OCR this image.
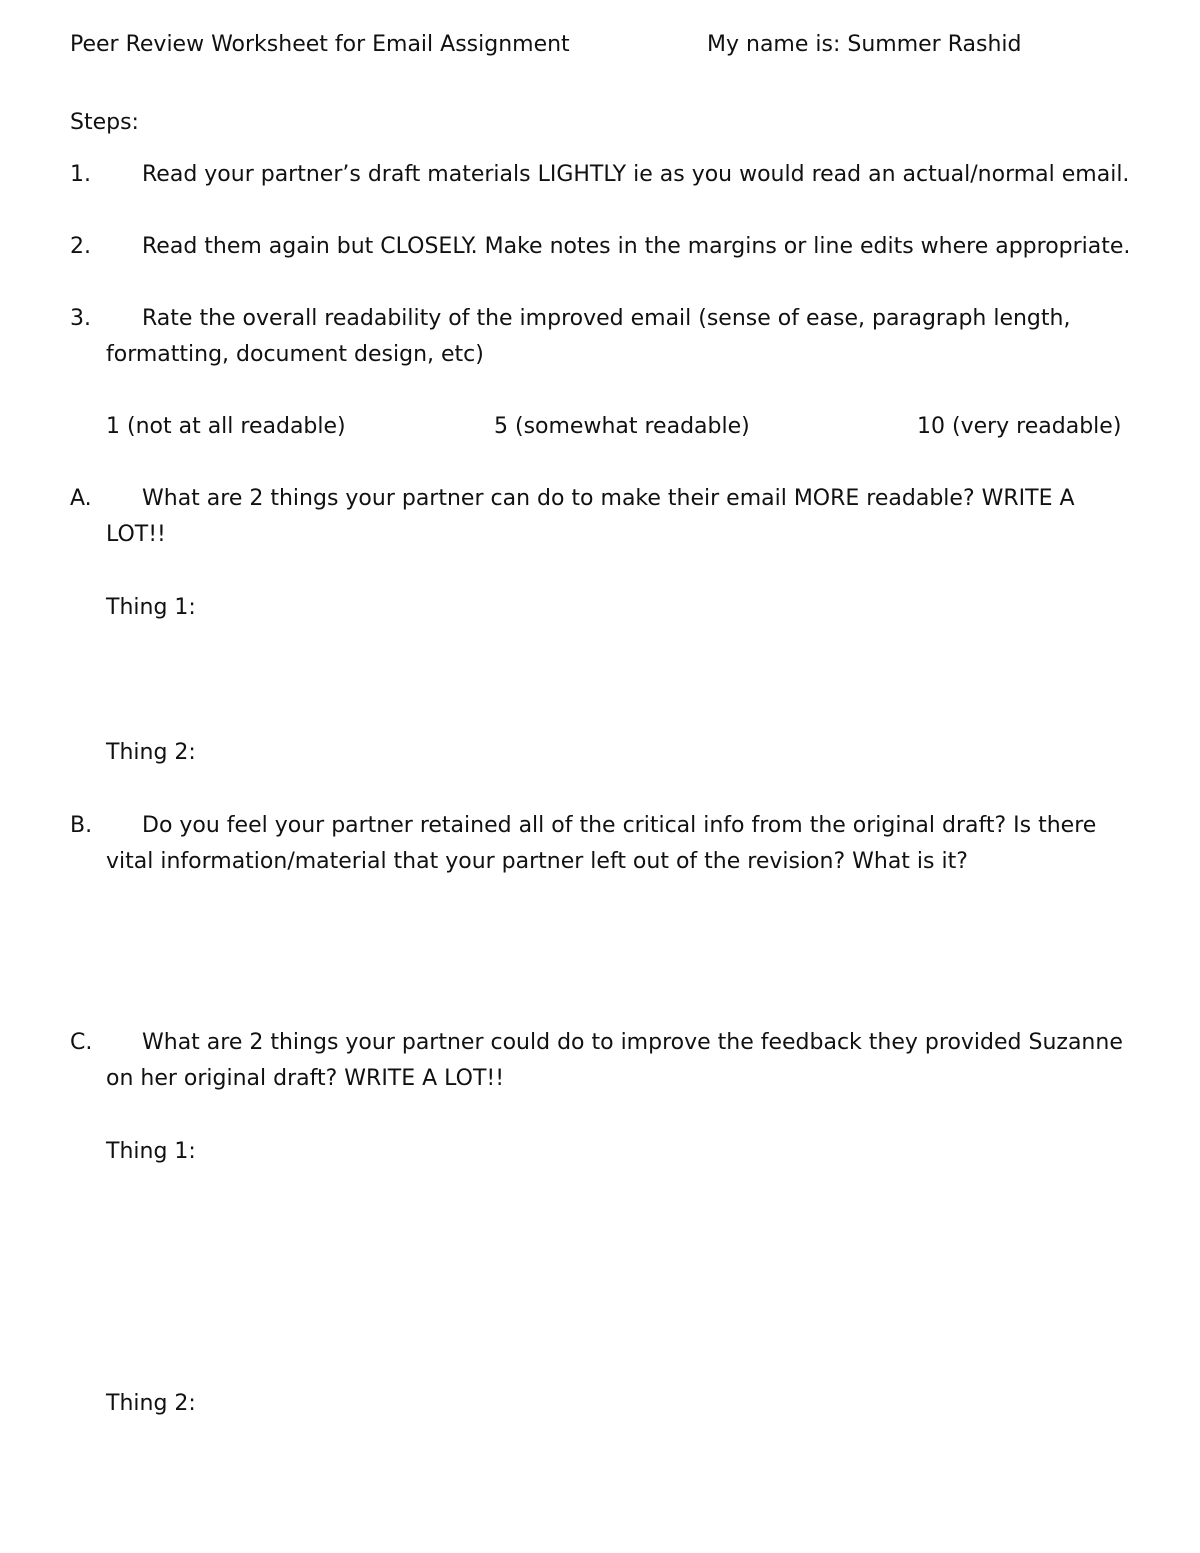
Peer Review Worksheet for Email Assignment	My name is: Summer Rashid
Steps:
1.	Read your partner’s draft materials LIGHTLY ie as you would read an actual/normal email.
2.	Read them again but CLOSELY. Make notes in the margins or line edits where appropriate.
3.	Rate the overall readability of the improved email (sense of ease, paragraph length, formatting, document design, etc)
1 (not at all readable)	5 (somewhat readable)	10 (very readable)
A.	What are 2 things your partner can do to make their email MORE readable? WRITE A LOT!!
Thing 1:
Thing 2:
B.	Do you feel your partner retained all of the critical info from the original draft? Is there vital information/material that your partner left out of the revision? What is it?
C.	What are 2 things your partner could do to improve the feedback they provided Suzanne on her original draft? WRITE A LOT!!
Thing 1:
Thing 2:
